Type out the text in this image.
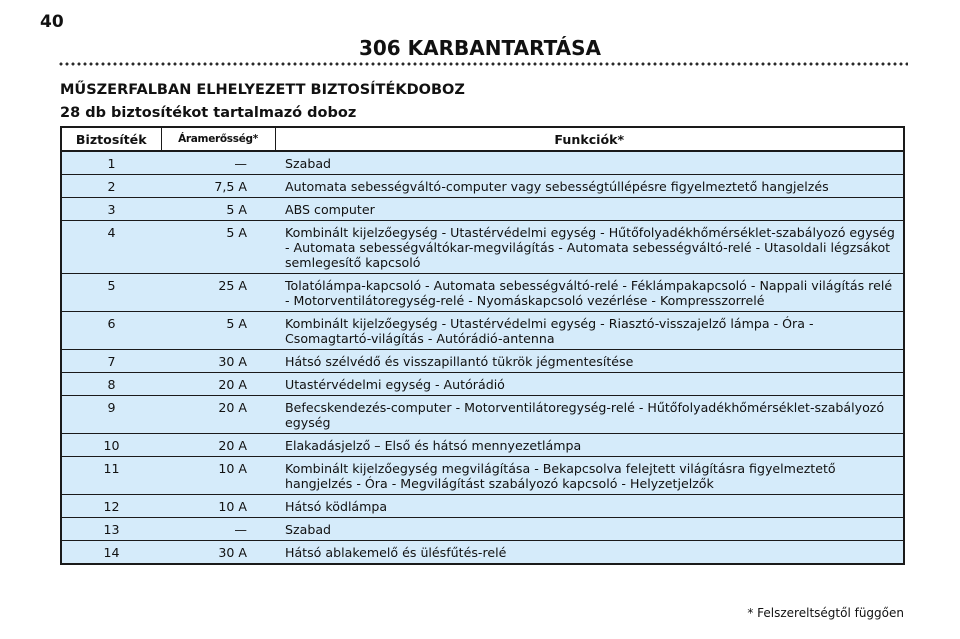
40
306 KARBANTARTÁSA
MŰSZERFALBAN ELHELYEZETT BIZTOSÍTÉKDOBOZ
28 db biztosítékot tartalmazó doboz
Biztosíték	Áramerősség*	Funkciók*
1	—	Szabad
2	7,5 A	Automata sebességváltó-computer vagy sebességtúllépésre figyelmeztető hangjelzés
3	5 A	ABS computer
4	5 A	Kombinált kijelzőegység - Utastérvédelmi egység - Hűtőfolyadékhőmérséklet-szabályozó egység - Automata sebességváltókar-megvilágítás - Automata sebességváltó-relé - Utasoldali légzsákot semlegesítő kapcsoló
5	25 A	Tolatólámpa-kapcsoló - Automata sebességváltó-relé - Féklámpakapcsoló - Nappali világítás relé - Motorventilátoregység-relé - Nyomáskapcsoló vezérlése - Kompresszorrelé
6	5 A	Kombinált kijelzőegység - Utastérvédelmi egység - Riasztó-visszajelző lámpa - Óra - Csomagtartó-világítás - Autórádió-antenna
7	30 A	Hátsó szélvédő és visszapillantó tükrök jégmentesítése
8	20 A	Utastérvédelmi egység - Autórádió
9	20 A	Befecskendezés-computer - Motorventilátoregység-relé - Hűtőfolyadékhőmérséklet-szabályozó egység
10	20 A	Elakadásjelző – Első és hátsó mennyezetlámpa
11	10 A	Kombinált kijelzőegység megvilágítása - Bekapcsolva felejtett világításra figyelmeztető hangjelzés - Óra - Megvilágítást szabályozó kapcsoló - Helyzetjelzők
12	10 A	Hátsó ködlámpa
13	—	Szabad
14	30 A	Hátsó ablakemelő és ülésfűtés-relé
* Felszereltségtől függően
